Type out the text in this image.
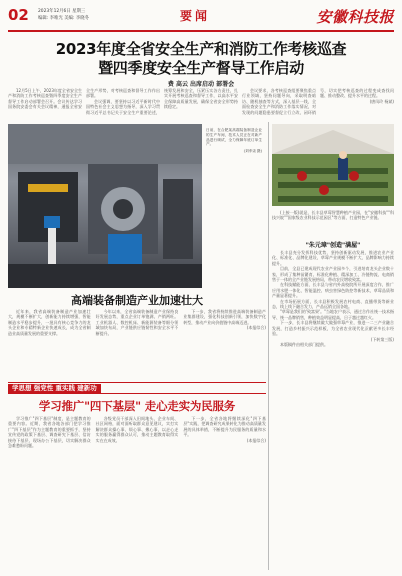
02 2023年12月6日 星期三
编辑: 李唯光 美编: 李晓冬	要闻	安徽科技报
2023年度全省安全生产和消防工作考核巡查
暨四季度安全生产督导工作启动
费 高云 出席启动 部署会

12月5日上午，2023年度全省安全生产和消防工作考核巡查暨四季度安全生产督导工作启动部署会召开。会议传达学习国务院安委会有关会议精神，通报全省安全生产形势，对考核巡查和督导工作作出部署。

会议强调，要坚持以习近平新时代中国特色社会主义思想为指导，深入学习贯彻习近平总书记关于安全生产重要论述，统筹发展和安全，压紧压实各方责任，扎实开展考核巡查和督导工作，以高水平安全保障高质量发展，确保全省安全形势持续稳定。

会议要求，各考核巡查组要聚焦重点行业领域，坚持问题导向，采取明查暗访、随机抽查等方式，深入基层一线，全面检查安全生产和消防工作落实情况，对发现的问题隐患要督促立行立改、闭环销号，切实把考核巡查的过程变成查找问题、推动整改、提升水平的过程。

(唐凤玲 杨斌)

日前，在合肥某高端装备制造企业的生产车间，技术人员正在对新产品进行调试，全力保障年底订单生产。
(刘孝柒 摄)
高端装备制造产业加速壮大

近年来，我省高端装备制造产业加速壮大，规模不断扩大，创新能力持续增强，智能制造水平稳步提升，一批具有核心竞争力的龙头企业和专精特新企业快速成长，成为全省制造业高质量发展的重要支撑。

今年以来，全省高端装备制造产业保持良好发展态势，重点企业订单饱满、产销两旺。工业机器人、数控机床、新能源装备等细分领域加快布局，产业链供应链韧性和安全水平不断提升。

下一步，我省将持续推进高端装备制造产业集群建设，强化科技创新引领，加快数字化转型，推动产业向价值链中高端迈进。

(本报综合)

学思想 强党性 重实践 建新功
学习推广"四下基层" 走心走实为民服务

学习推广"四下基层"制度，是主题教育的重要内容。近期，我省各地各部门把学习推广"四下基层"作为主题教育的重要抓手，坚持宣传党的政策下基层、调查研究下基层、信访接待下基层、现场办公下基层，切实解决群众急难愁盼问题。

各级党员干部深入田间地头、企业车间、社区网格，面对面听取群众意见建议，实打实解决群众操心事、烦心事、揪心事，以走心走实的服务赢得群众认可，推动主题教育取得实实在在成效。

下一步，全省各地将继续深化"四下基层"实践，把调查研究成果转化为推动高质量发展的具体举措，不断提升为民服务的质量和水平。

(本报综合)

(上接一版)就是，长丰县草莓智慧种植产业园，在"安徽科技""科技兴皖""国家级农业科技示范园区"等方面，打造特色产业链。

"朱元璋"创造"满屋"

长丰县充分发挥科技优势，坚持创新驱动发展，推进农业产业化、标准化、品牌化建设，草莓产业规模不断扩大，品牌影响力持续提升。

目前，全县已建成现代农业产业园多个，引进培育龙头企业数十家，形成了集种苗繁育、标准化种植、精深加工、冷链物流、电商销售于一体的全产业链发展格局，带动农民增收致富。

在科技赋能方面，长丰县与省内外高校院所开展深度合作，推广应用水肥一体化、智能温控、病虫害绿色防控等新技术，草莓品质和产量显著提升。

在市场拓展方面，长丰县积极发展农村电商、直播带货等新业态，线上线下融合发力，产品远销全国各地。

"草莓是我们的'致富果'。"当地农户表示，通过合作社统一技术指导、统一品牌销售，种植效益明显提高，日子越过越红火。

下一步，长丰县将继续做大做强草莓产业，推进一二三产业融合发展，打造乡村振兴示范样板，为全省农业现代化贡献更多长丰经验。

(下转第三版)

本版稿件由相关部门提供。
